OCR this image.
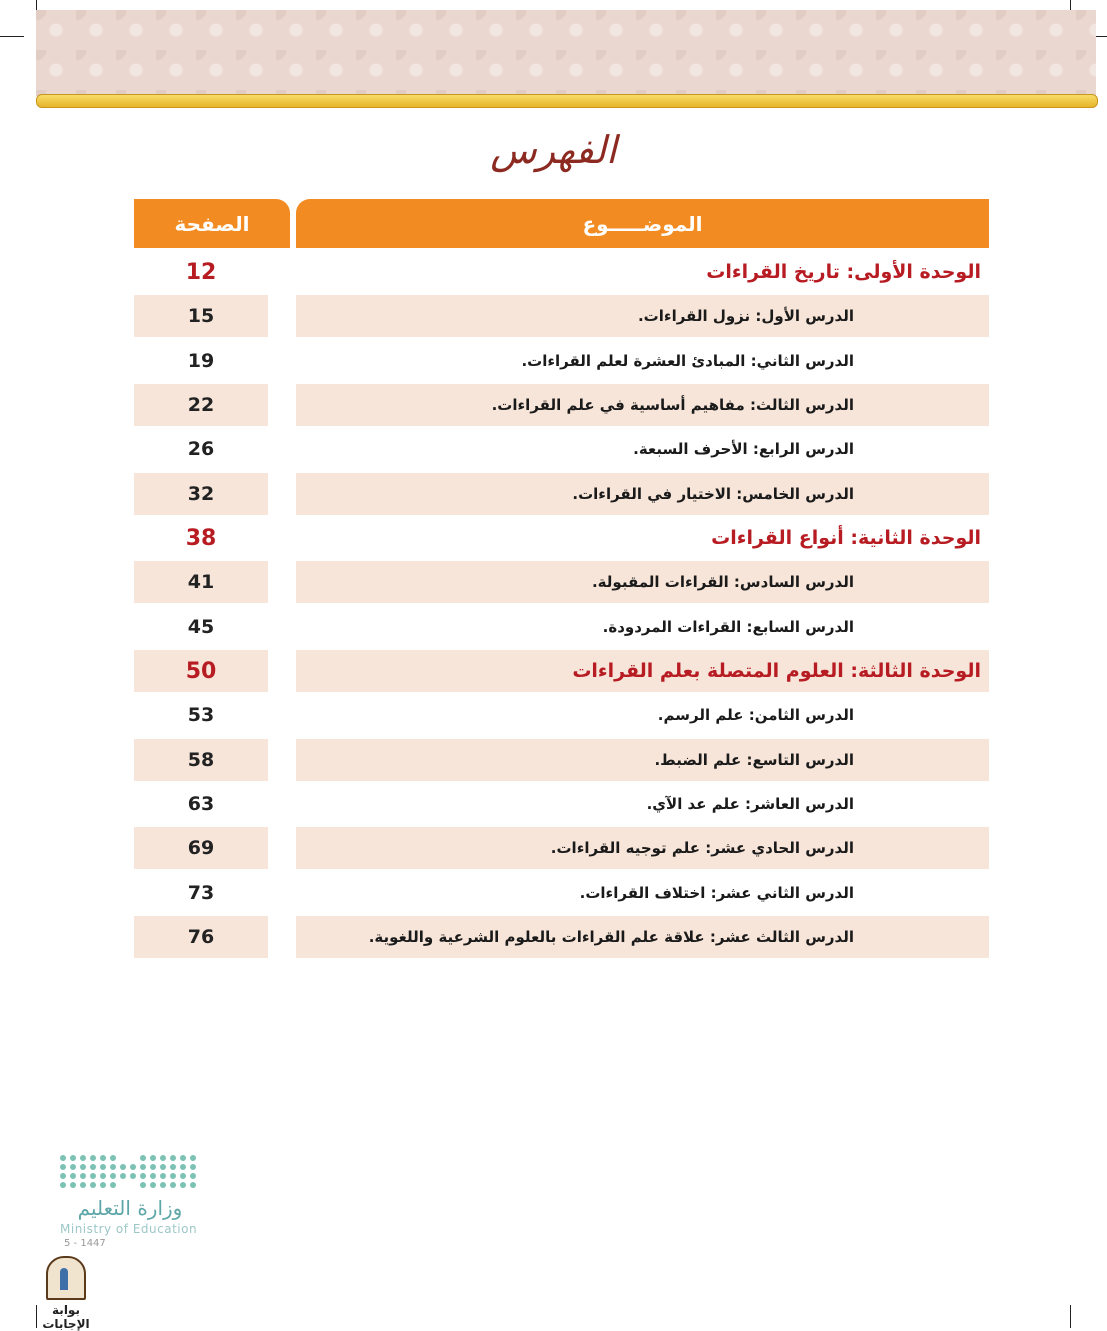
الفهرس
الصفحة	الموضـــــوع
12	الوحدة الأولى: تاريخ القراءات
15	الدرس الأول: نزول القراءات.
19	الدرس الثاني: المبادئ العشرة لعلم القراءات.
22	الدرس الثالث: مفاهيم أساسية في علم القراءات.
26	الدرس الرابع: الأحرف السبعة.
32	الدرس الخامس: الاختيار في القراءات.
38	الوحدة الثانية: أنواع القراءات
41	الدرس السادس: القراءات المقبولة.
45	الدرس السابع: القراءات المردودة.
50	الوحدة الثالثة: العلوم المتصلة بعلم القراءات
53	الدرس الثامن: علم الرسم.
58	الدرس التاسع: علم الضبط.
63	الدرس العاشر: علم عد الآي.
69	الدرس الحادي عشر: علم توجيه القراءات.
73	الدرس الثاني عشر: اختلاف القراءات.
76	الدرس الثالث عشر: علاقة علم القراءات بالعلوم الشرعية واللغوية.
وزارة التعليم
Ministry of Education
5 - 1447
بوابة الإجابات
